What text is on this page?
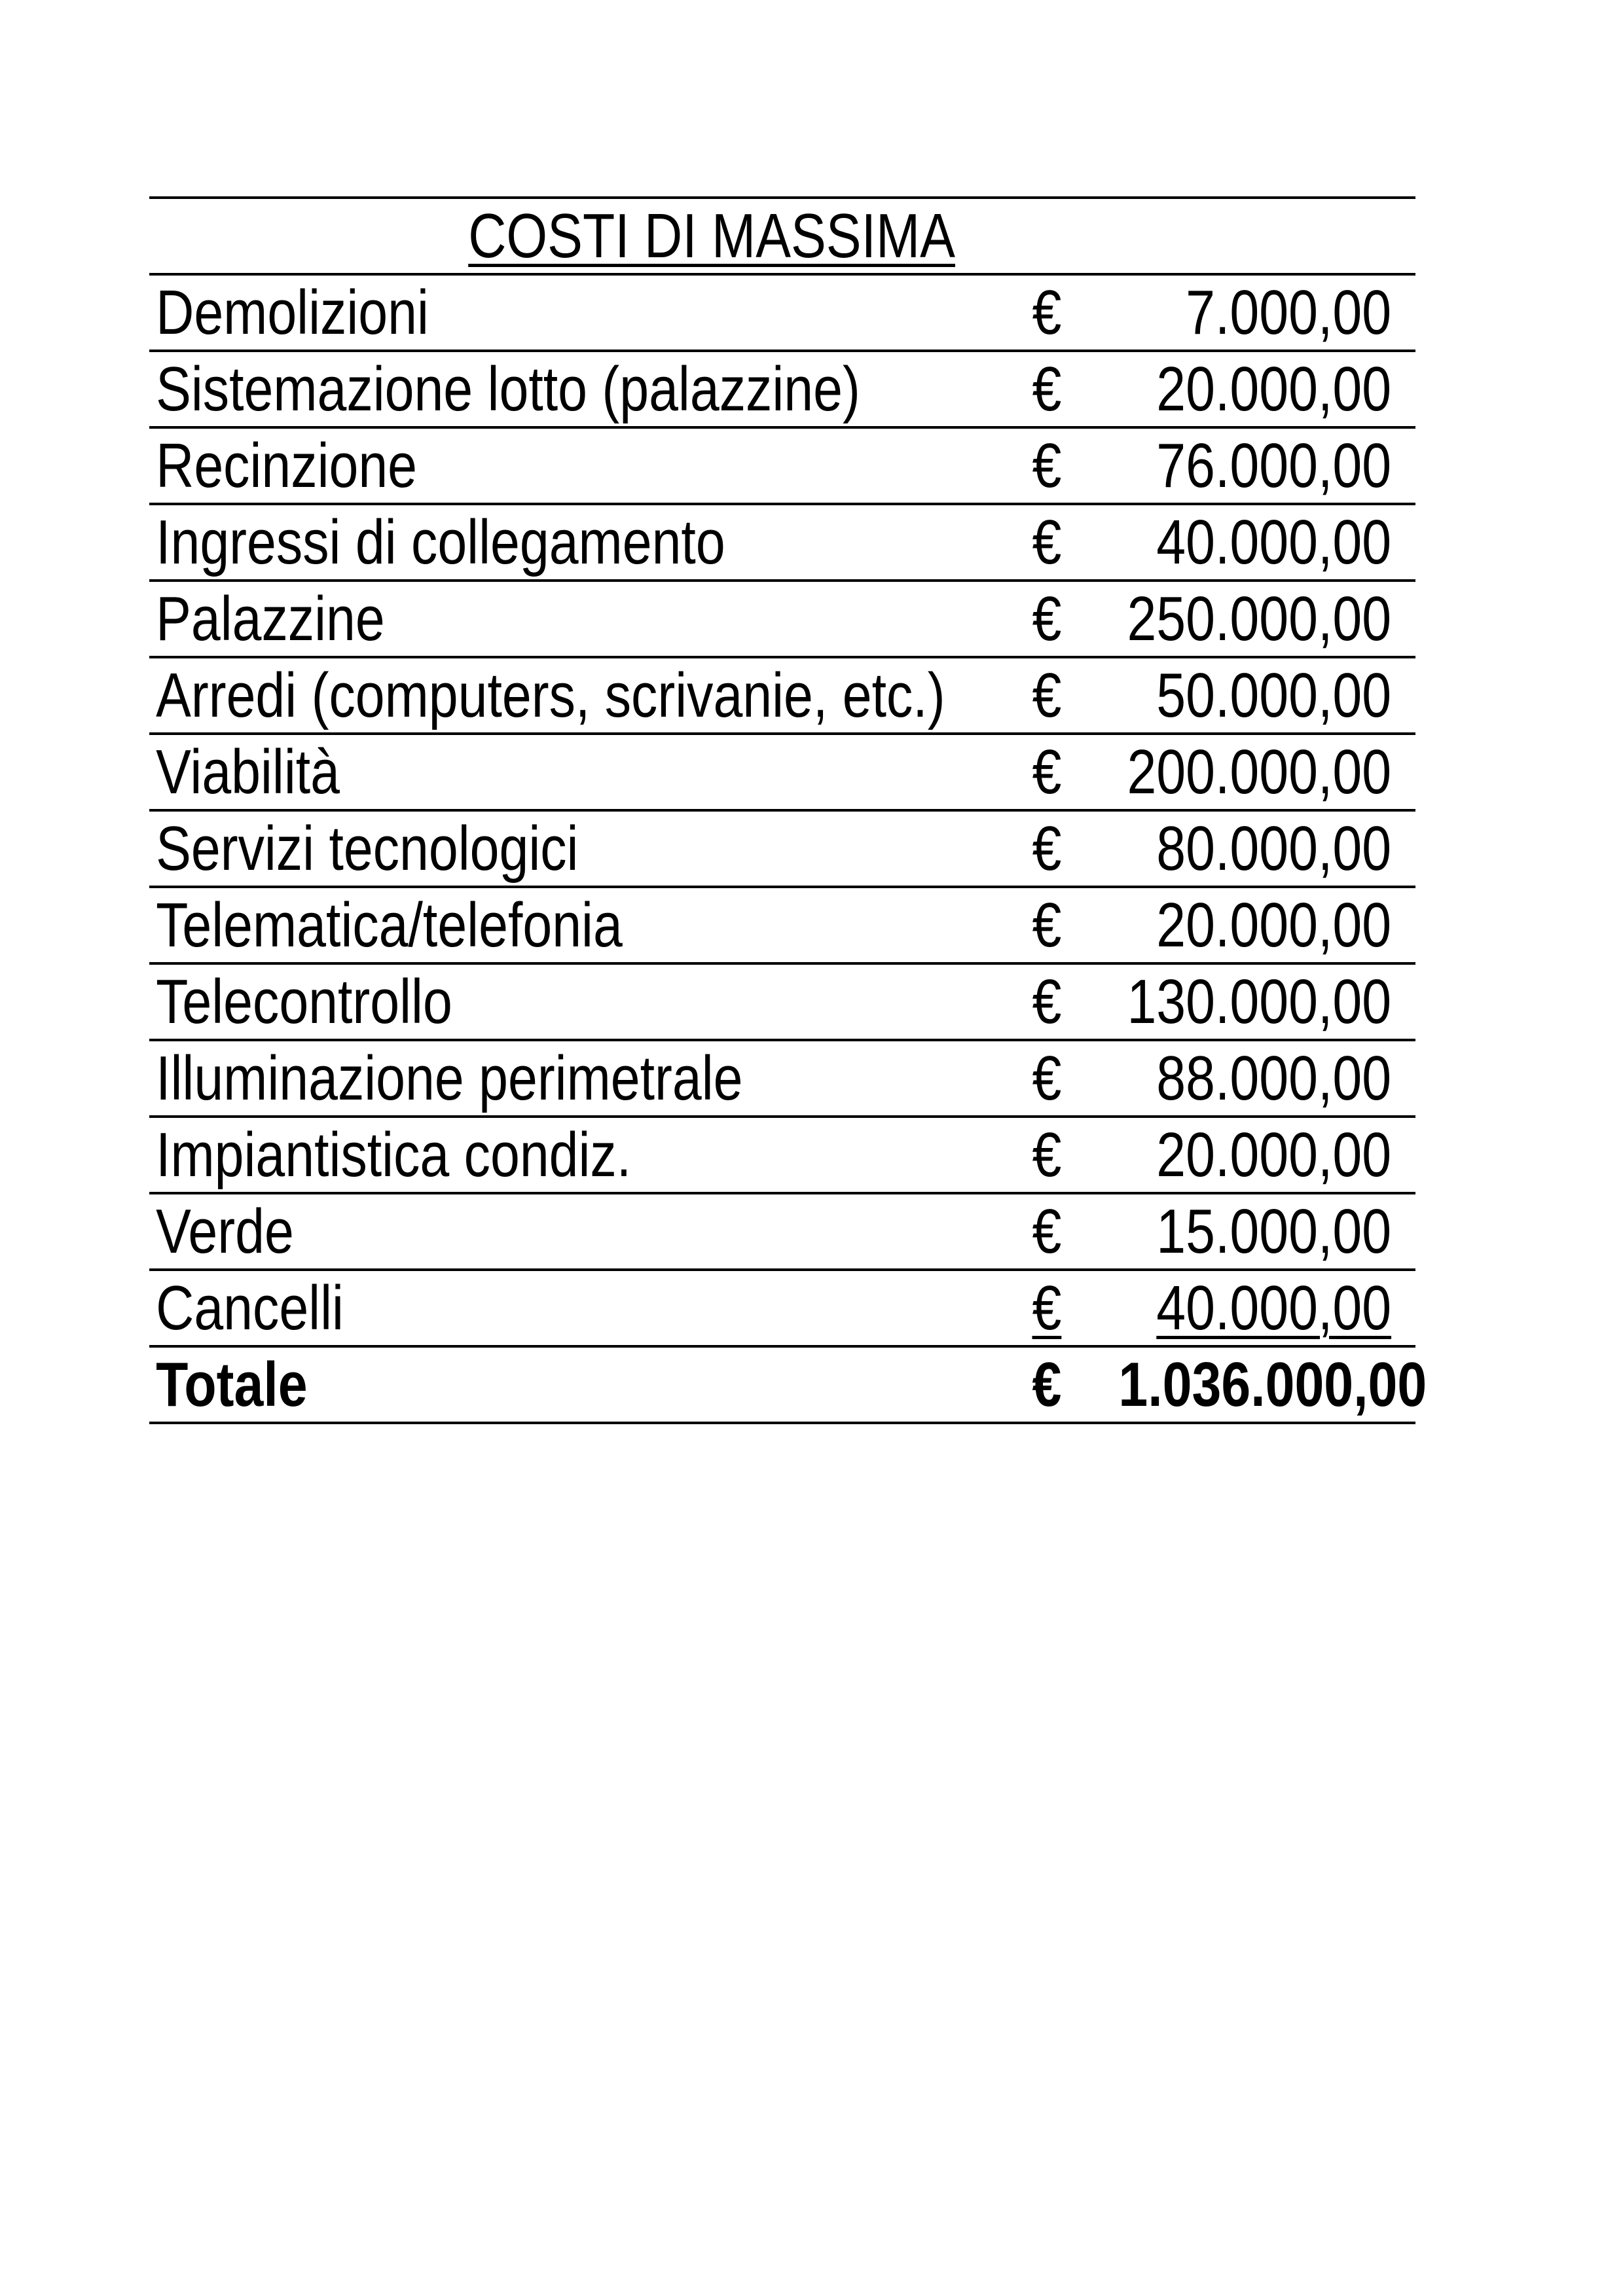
COSTI DI MASSIMA		
Demolizioni	€	7.000,00
Sistemazione lotto (palazzine)	€	20.000,00
Recinzione	€	76.000,00
Ingressi di collegamento	€	40.000,00
Palazzine	€	250.000,00
Arredi (computers, scrivanie, etc.)	€	50.000,00
Viabilità	€	200.000,00
Servizi tecnologici	€	80.000,00
Telematica/telefonia	€	20.000,00
Telecontrollo	€	130.000,00
Illuminazione perimetrale	€	88.000,00
Impiantistica condiz.	€	20.000,00
Verde	€	15.000,00
Cancelli	€	40.000,00
Totale	€	1.036.000,00
